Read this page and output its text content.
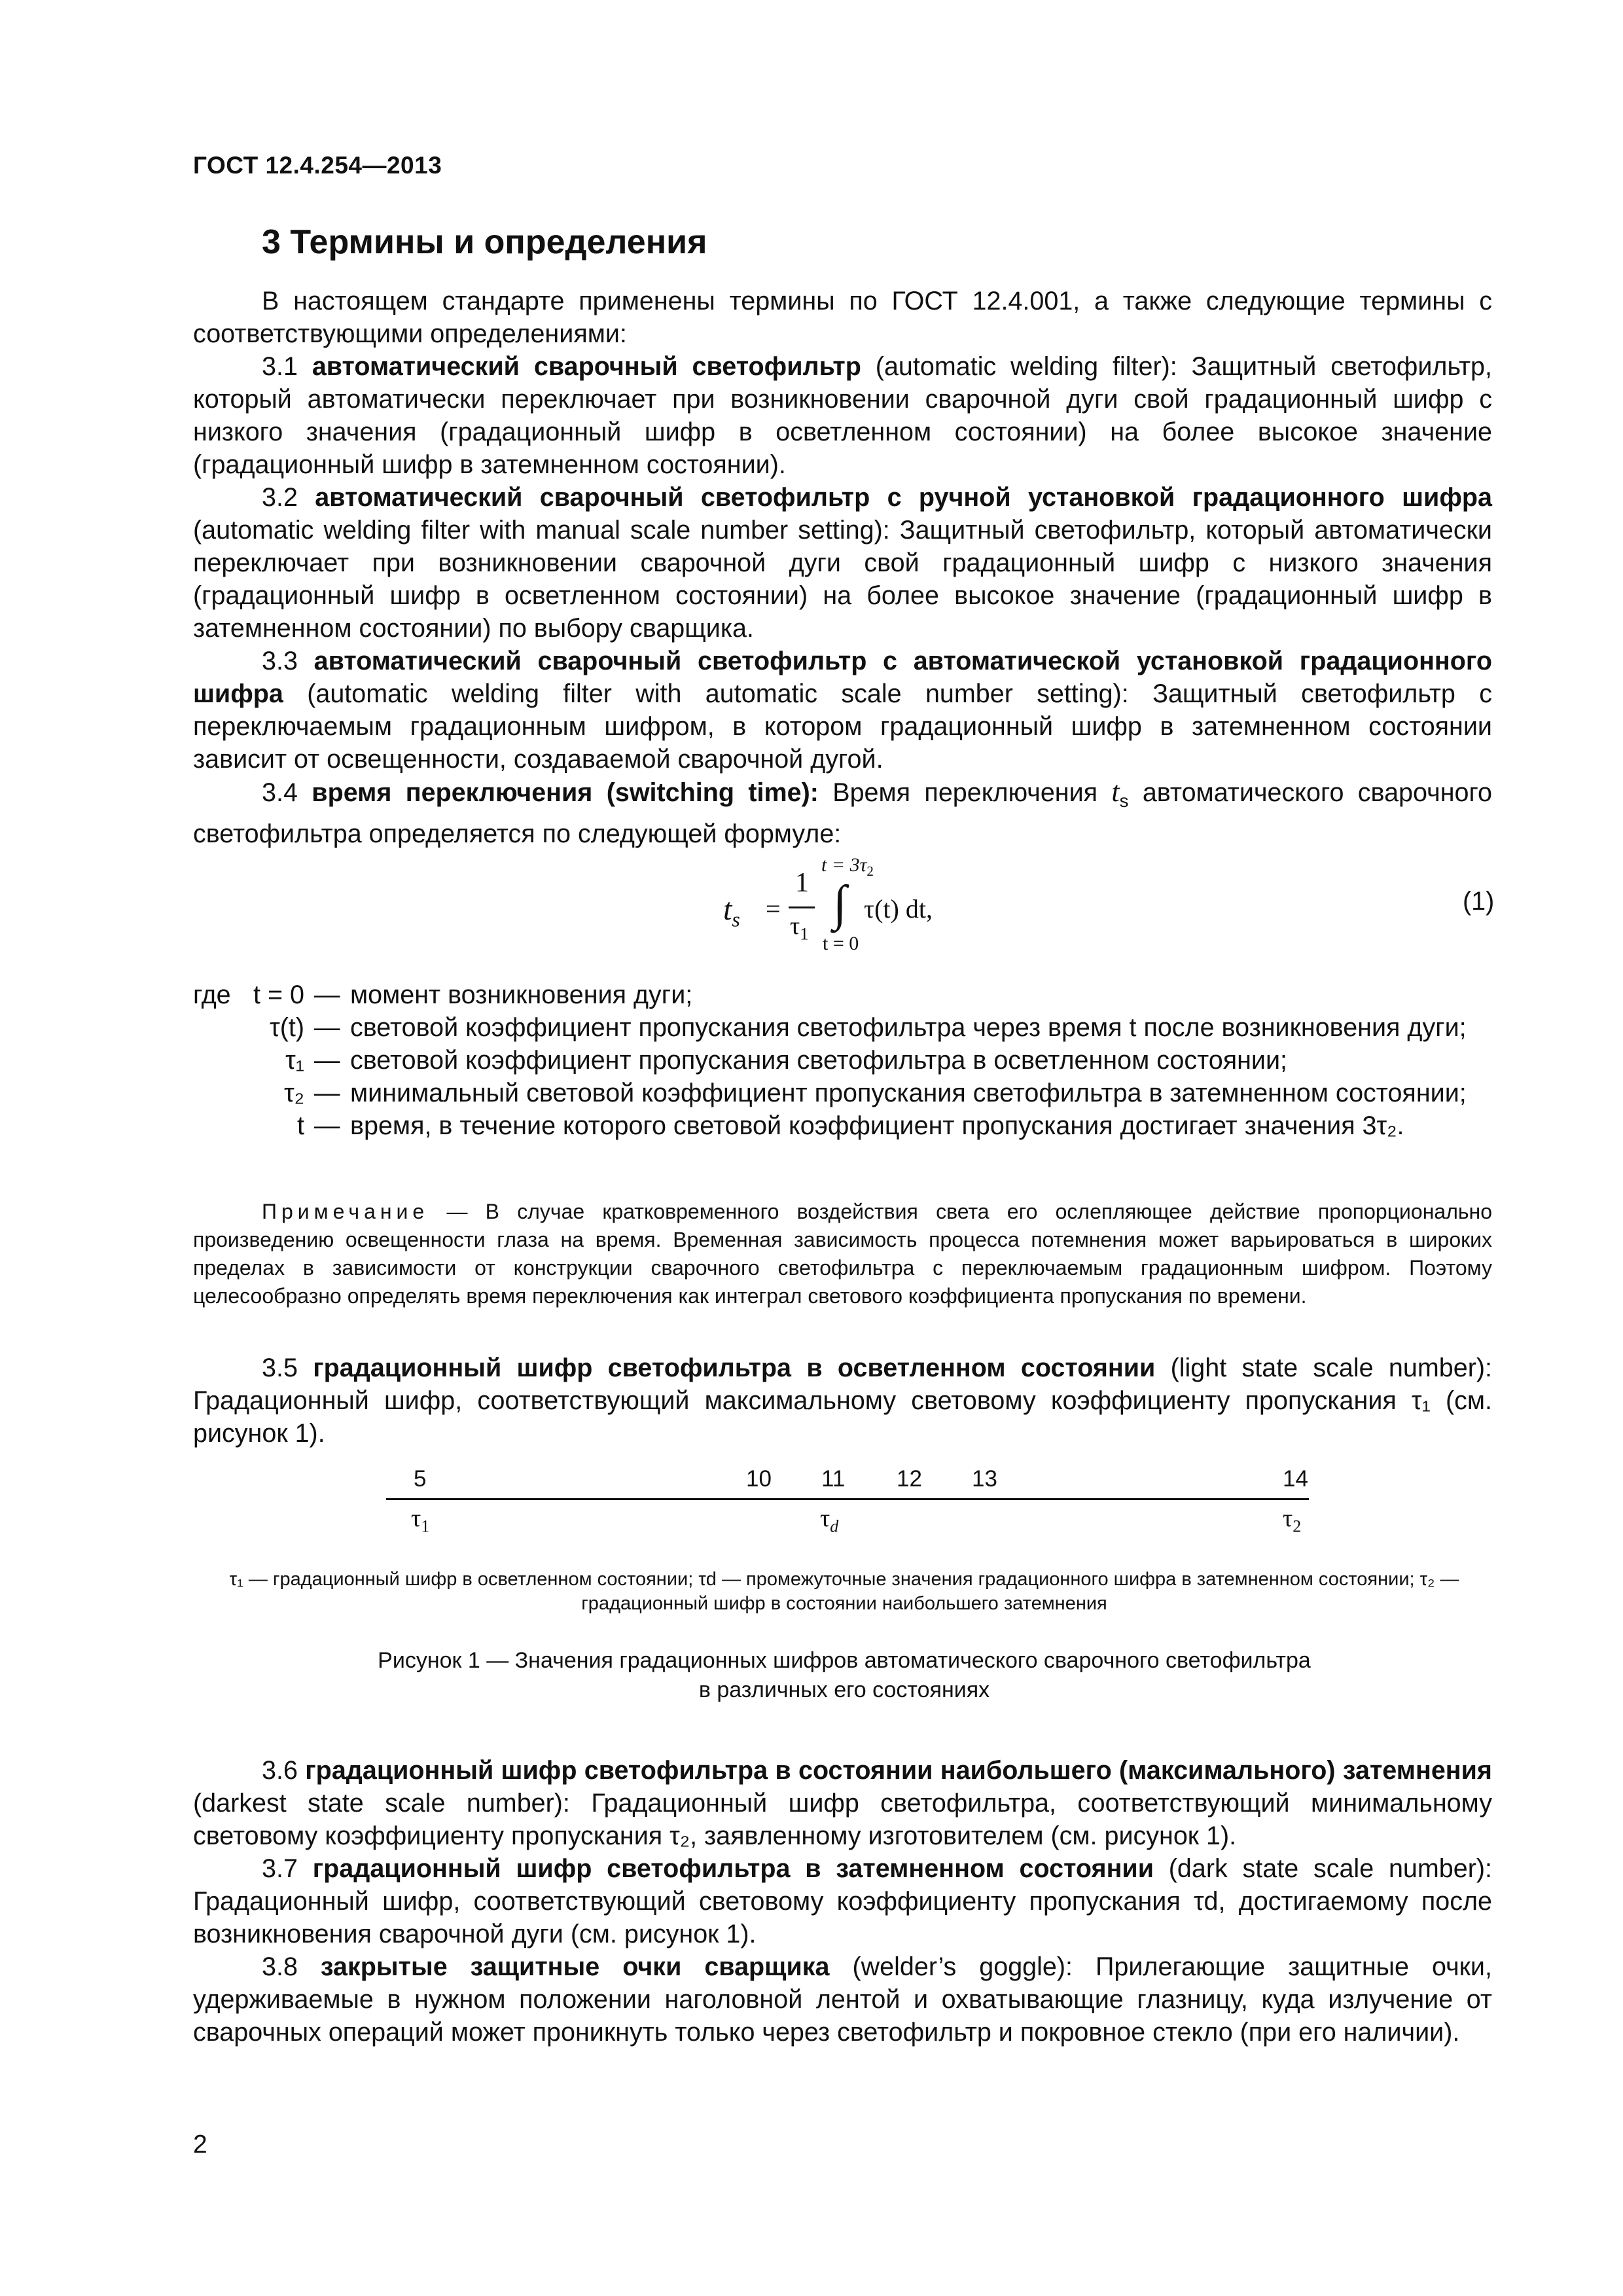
ГОСТ 12.4.254—2013
3 Термины и определения

В настоящем стандарте применены термины по ГОСТ 12.4.001, а также следующие термины с соответствующими определениями:

3.1 автоматический сварочный светофильтр (automatic welding filter): Защитный светофильтр, который автоматически переключает при возникновении сварочной дуги свой градационный шифр с низкого значения (градационный шифр в осветленном состоянии) на более высокое значение (градационный шифр в затемненном состоянии).

3.2 автоматический сварочный светофильтр с ручной установкой градационного шифра (automatic welding filter with manual scale number setting): Защитный светофильтр, который автоматически переключает при возникновении сварочной дуги свой градационный шифр с низкого значения (градационный шифр в осветленном состоянии) на более высокое значение (градационный шифр в затемненном состоянии) по выбору сварщика.

3.3 автоматический сварочный светофильтр с автоматической установкой градационного шифра (automatic welding filter with automatic scale number setting): Защитный светофильтр с переключаемым градационным шифром, в котором градационный шифр в затемненном состоянии зависит от освещенности, создаваемой сварочной дугой.

3.4 время переключения (switching time): Время переключения $t_s$ автоматического сварочного светофильтра определяется по следующей формуле:

$t_s$ =
1
$\tau_1$
$t = 3\tau_2$
∫
t = 0
τ(t) dt,	(1)
где t = 0 — момент возникновения дуги;
τ(t) — световой коэффициент пропускания светофильтра через время t после возникновения дуги;
τ₁ — световой коэффициент пропускания светофильтра в осветленном состоянии;
τ₂ — минимальный световой коэффициент пропускания светофильтра в затемненном состоянии;
t — время, в течение которого световой коэффициент пропускания достигает значения 3τ₂.

Примечание — В случае кратковременного воздействия света его ослепляющее действие пропорционально произведению освещенности глаза на время. Временная зависимость процесса потемнения может варьироваться в широких пределах в зависимости от конструкции сварочного светофильтра с переключаемым градационным шифром. Поэтому целесообразно определять время переключения как интеграл светового коэффициента пропускания по времени.

3.5 градационный шифр светофильтра в осветленном состоянии (light state scale number): Градационный шифр, соответствующий максимальному световому коэффициенту пропускания τ₁ (см. рисунок 1).

5	10 11 12 13	14
$\tau_1$	$\tau_d$	$\tau_2$
τ₁ — градационный шифр в осветленном состоянии; τd — промежуточные значения градационного шифра в затемненном состоянии; τ₂ — градационный шифр в состоянии наибольшего затемнения
Рисунок 1 — Значения градационных шифров автоматического сварочного светофильтра
в различных его состояниях

3.6 градационный шифр светофильтра в состоянии наибольшего (максимального) затемнения (darkest state scale number): Градационный шифр светофильтра, соответствующий минимальному световому коэффициенту пропускания τ₂, заявленному изготовителем (см. рисунок 1).

3.7 градационный шифр светофильтра в затемненном состоянии (dark state scale number): Градационный шифр, соответствующий световому коэффициенту пропускания τd, достигаемому после возникновения сварочной дуги (см. рисунок 1).

3.8 закрытые защитные очки сварщика (welder’s goggle): Прилегающие защитные очки, удерживаемые в нужном положении наголовной лентой и охватывающие глазницу, куда излучение от сварочных операций может проникнуть только через светофильтр и покровное стекло (при его наличии).

2
